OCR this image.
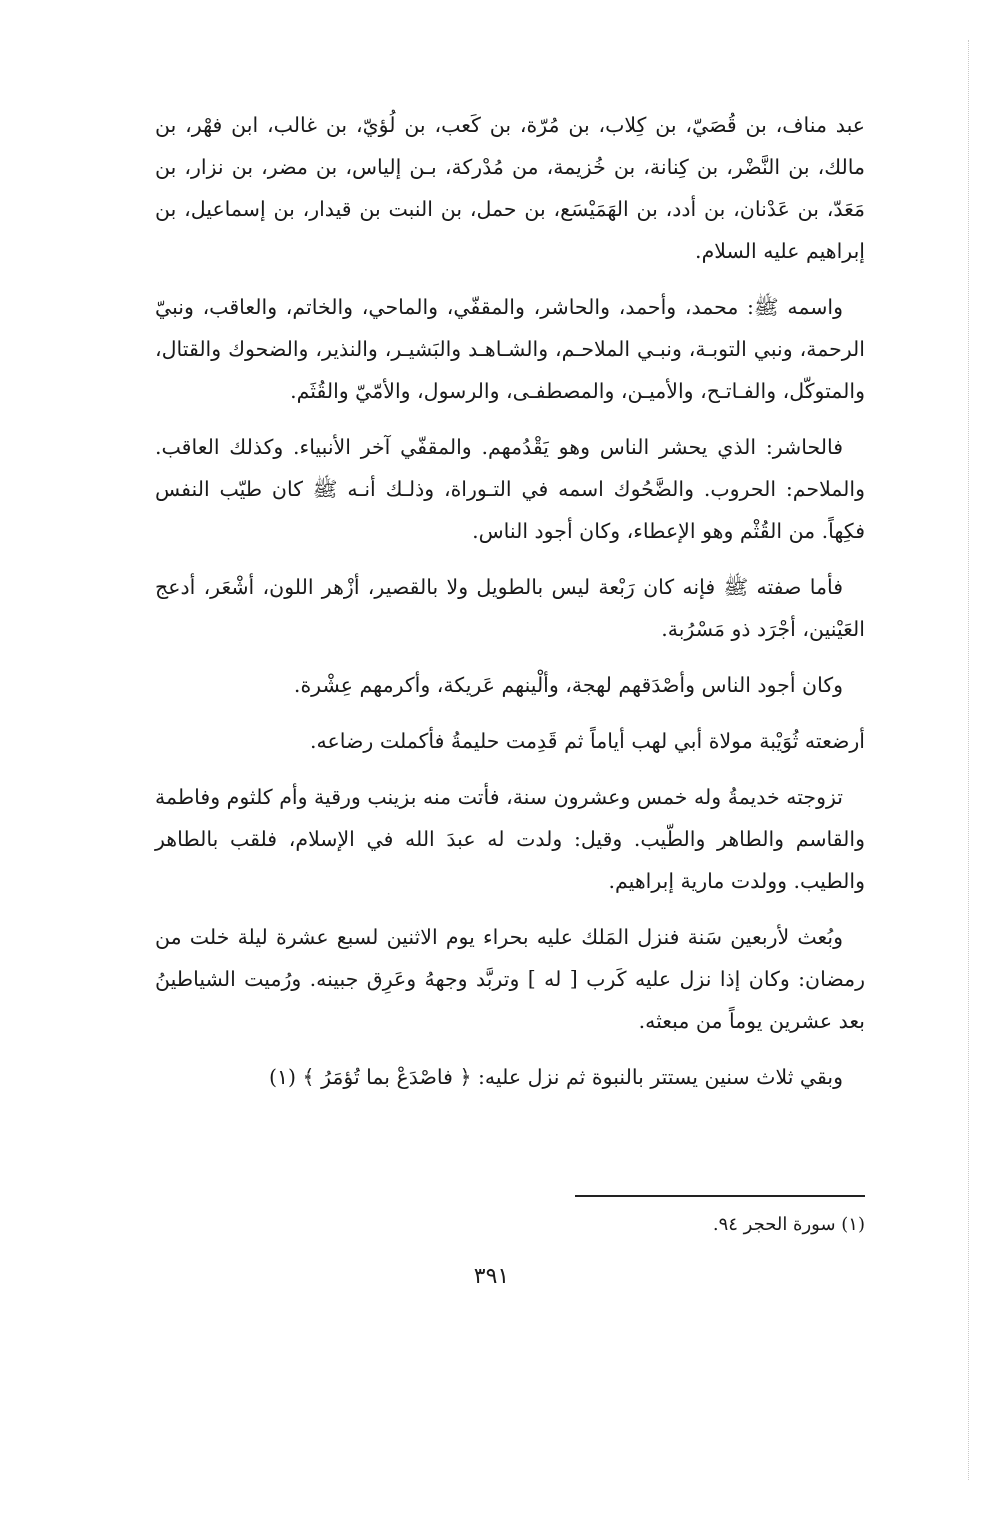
عبد مناف، بن قُصَيّ، بن كِلاب، بن مُرّة، بن كَعب، بن لُؤيّ، بن غالب، ابن فهْر، بن مالك، بن النَّضْر، بن كِنانة، بن خُزيمة، من مُدْركة، بـن إلياس، بن مضر، بن نزار، بن مَعَدّ، بن عَدْنان، بن أدد، بن الهَمَيْسَع، بن حمل، بن النبت بن قيدار، بن إسماعيل، بن إبراهيم عليه السلام.

واسمه ﷺ: محمد، وأحمد، والحاشر، والمقفّي، والماحي، والخاتم، والعاقب، ونبيّ الرحمة، ونبي التوبـة، ونبـي الملاحـم، والشـاهـد والبَشيـر، والنذير، والضحوك والقتال، والمتوكّل، والفـاتـح، والأميـن، والمصطفـى، والرسول، والأمّيّ والقُثَم.

فالحاشر: الذي يحشر الناس وهو يَقْدُمهم. والمقفّي آخر الأنبياء. وكذلك العاقب. والملاحم: الحروب. والضَّحُوك اسمه في التـوراة، وذلـك أنـه ﷺ كان طيّب النفس فكِهاً. من القُثْم وهو الإعطاء، وكان أجود الناس.

فأما صفته ﷺ فإنه كان رَبْعة ليس بالطويل ولا بالقصير، أزْهر اللون، أشْعَر، أدعج العَيْنين، أجْرَد ذو مَسْرُبة.

وكان أجود الناس وأصْدَقهم لهجة، وألْينهم عَريكة، وأكرمهم عِشْرة.

أرضعته ثُوَيْبة مولاة أبي لهب أياماً ثم قَدِمت حليمةُ فأكملت رضاعه.

تزوجته خديمةُ وله خمس وعشرون سنة، فأتت منه بزينب ورقية وأم كلثوم وفاطمة والقاسم والطاهر والطّيب. وقيل: ولدت له عبدَ الله في الإسلام، فلقب بالطاهر والطيب. وولدت مارية إبراهيم.

وبُعث لأربعين سَنة فنزل المَلك عليه بحراء يوم الاثنين لسبع عشرة ليلة خلت من رمضان: وكان إذا نزل عليه كَرب [ له ] وتربَّد وجههُ وعَرِق جبينه. ورُميت الشياطينُ بعد عشرين يوماً من مبعثه.

وبقي ثلاث سنين يستتر بالنبوة ثم نزل عليه: ﴿ فاصْدَعْ بما تُؤمَرُ ﴾ (١)

(١) سورة الحجر ٩٤.
٣٩١
